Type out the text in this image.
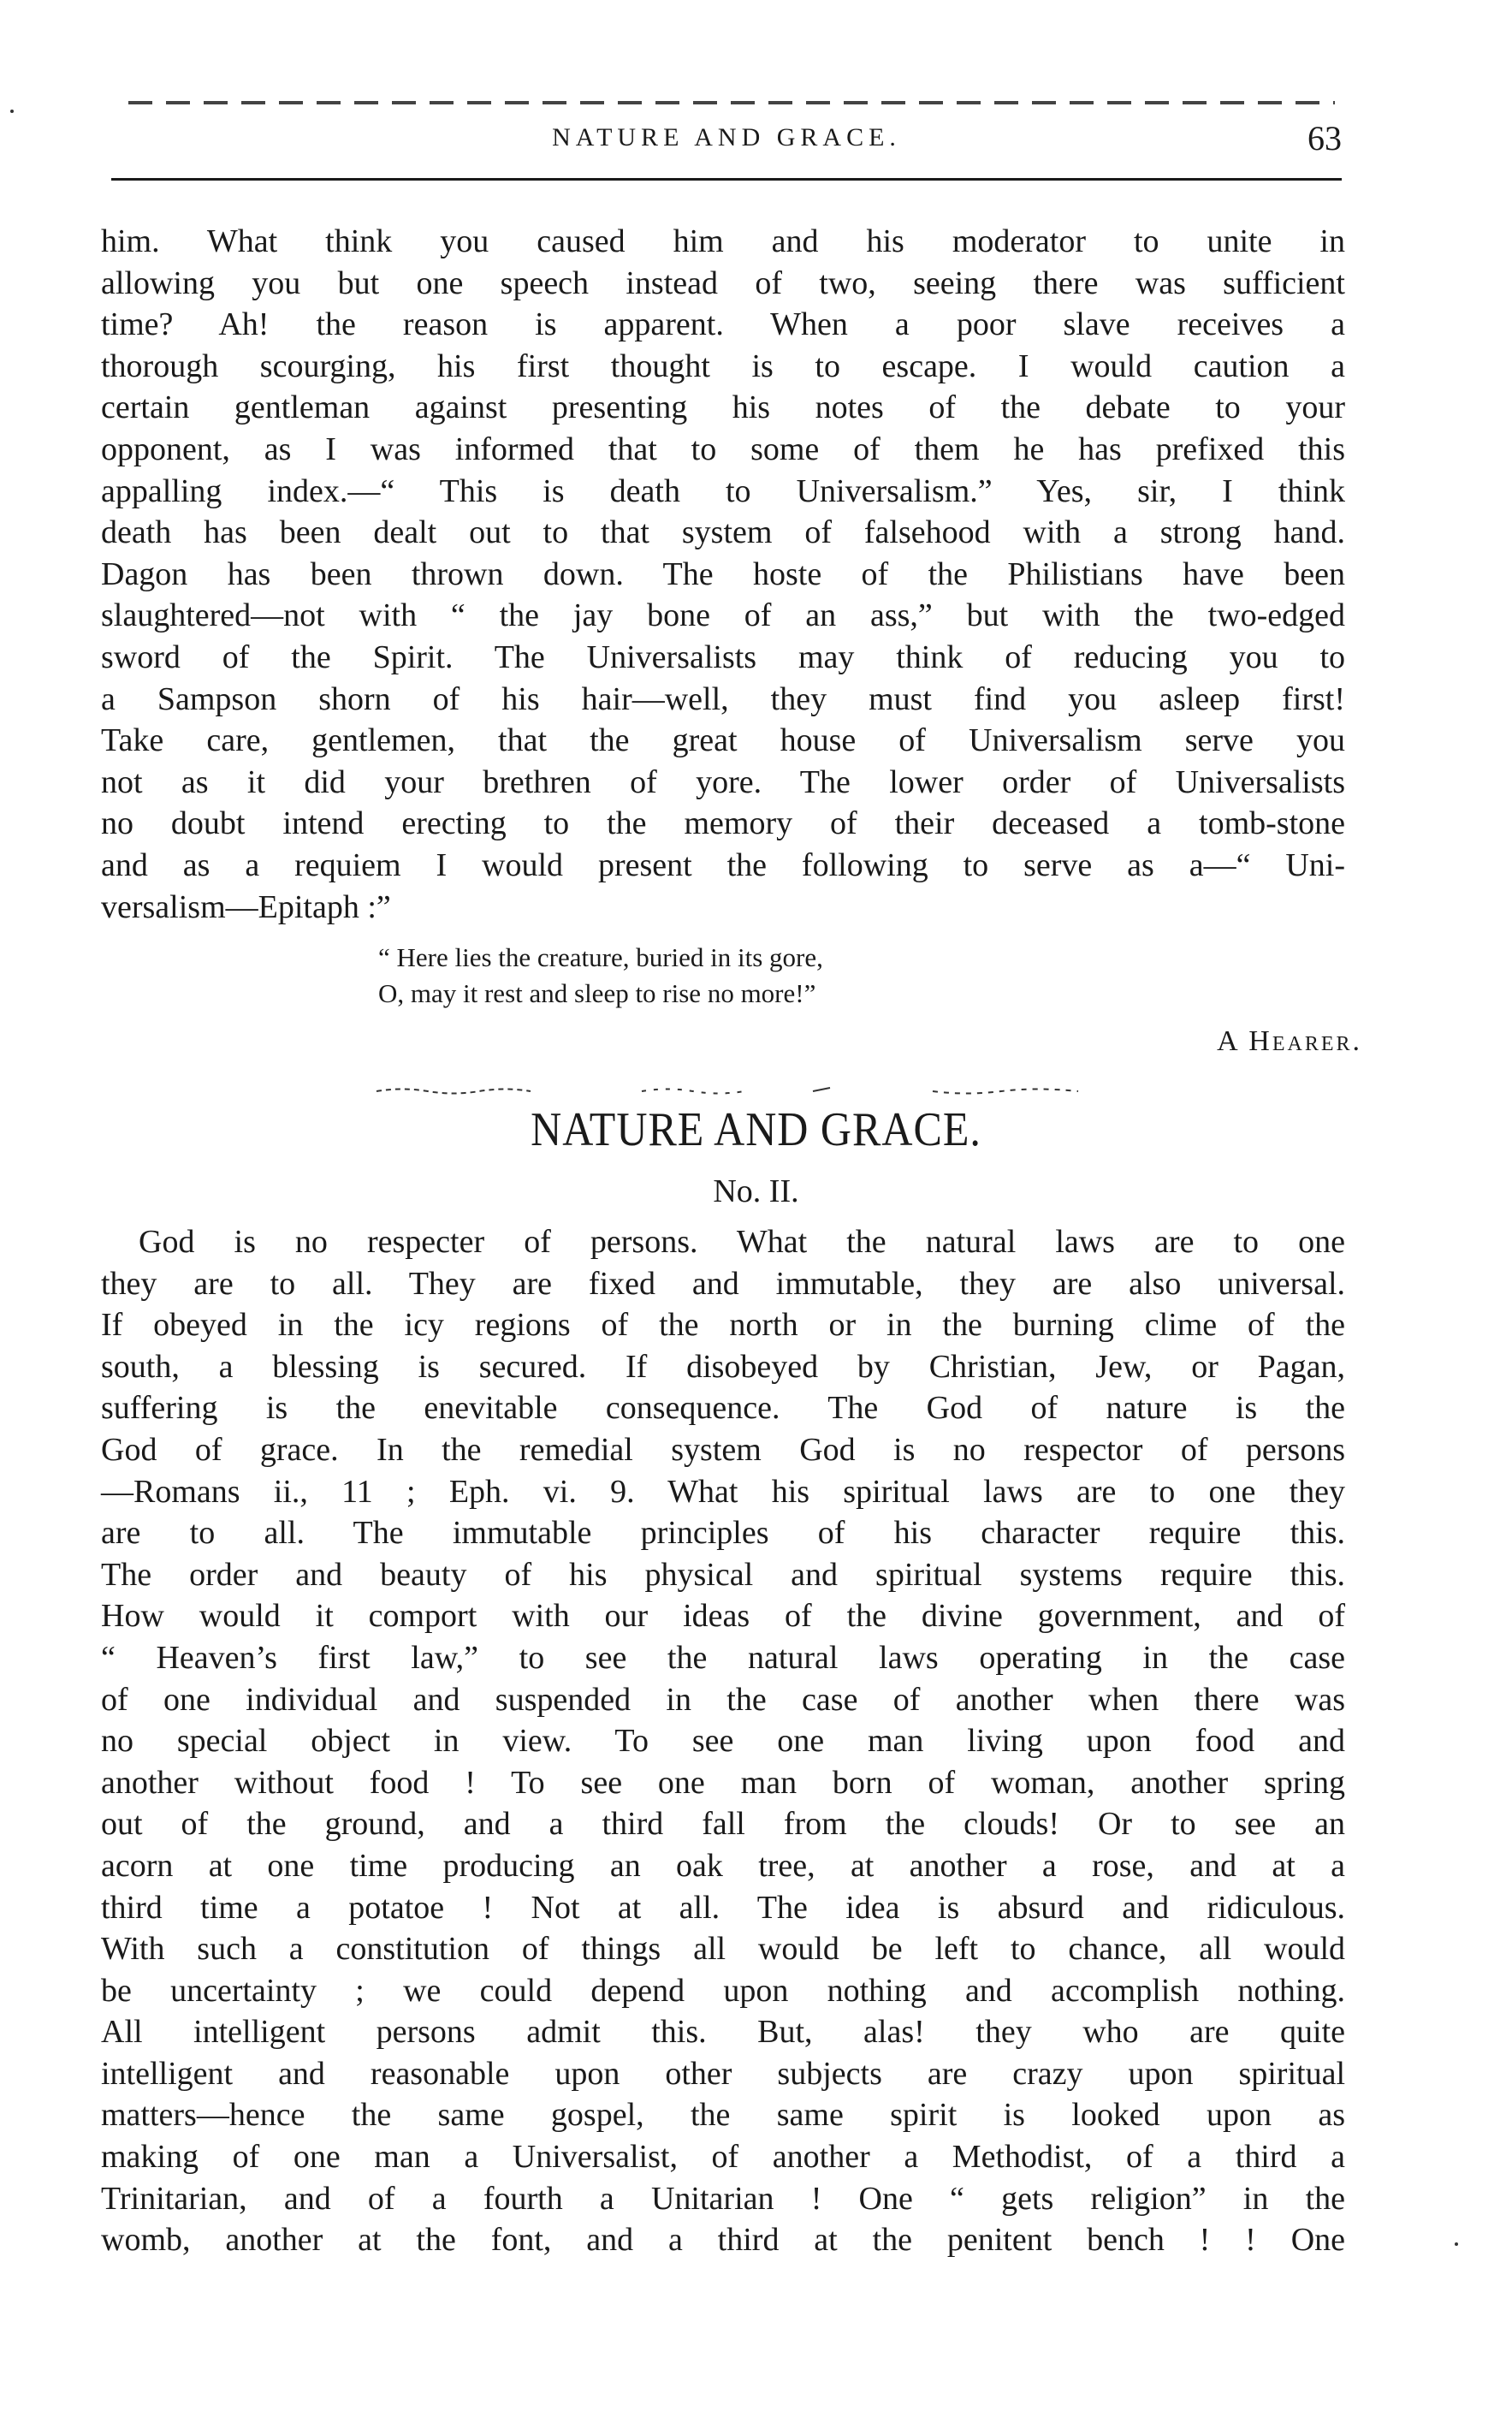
NATURE AND GRACE.	63
him. What think you caused him and his moderator to unite in
allowing you but one speech instead of two, seeing there was sufficient
time? Ah! the reason is apparent. When a poor slave receives a
thorough scourging, his first thought is to escape. I would caution a
certain gentleman against presenting his notes of the debate to your
opponent, as I was informed that to some of them he has prefixed this
appalling index.—“ This is death to Universalism.” Yes, sir, I think
death has been dealt out to that system of falsehood with a strong hand.
Dagon has been thrown down. The hoste of the Philistians have been
slaughtered—not with “ the jay bone of an ass,” but with the two-edged
sword of the Spirit. The Universalists may think of reducing you to
a Sampson shorn of his hair—well, they must find you asleep first!
Take care, gentlemen, that the great house of Universalism serve you
not as it did your brethren of yore. The lower order of Universalists
no doubt intend erecting to the memory of their deceased a tomb-stone
and as a requiem I would present the following to serve as a—“ Uni-
versalism—Epitaph :”
“ Here lies the creature, buried in its gore,
O, may it rest and sleep to rise no more!”
A Hearer.
NATURE AND GRACE.
No. II.
God is no respecter of persons. What the natural laws are to one
they are to all. They are fixed and immutable, they are also universal.
If obeyed in the icy regions of the north or in the burning clime of the
south, a blessing is secured. If disobeyed by Christian, Jew, or Pagan,
suffering is the enevitable consequence. The God of nature is the
God of grace. In the remedial system God is no respector of persons
—Romans ii., 11 ; Eph. vi. 9. What his spiritual laws are to one they
are to all. The immutable principles of his character require this.
The order and beauty of his physical and spiritual systems require this.
How would it comport with our ideas of the divine government, and of
“ Heaven’s first law,” to see the natural laws operating in the case
of one individual and suspended in the case of another when there was
no special object in view. To see one man living upon food and
another without food ! To see one man born of woman, another spring
out of the ground, and a third fall from the clouds! Or to see an
acorn at one time producing an oak tree, at another a rose, and at a
third time a potatoe ! Not at all. The idea is absurd and ridiculous.
With such a constitution of things all would be left to chance, all would
be uncertainty ; we could depend upon nothing and accomplish nothing.
All intelligent persons admit this. But, alas! they who are quite
intelligent and reasonable upon other subjects are crazy upon spiritual
matters—hence the same gospel, the same spirit is looked upon as
making of one man a Universalist, of another a Methodist, of a third a
Trinitarian, and of a fourth a Unitarian ! One “ gets religion” in the
womb, another at the font, and a third at the penitent bench ! ! One
